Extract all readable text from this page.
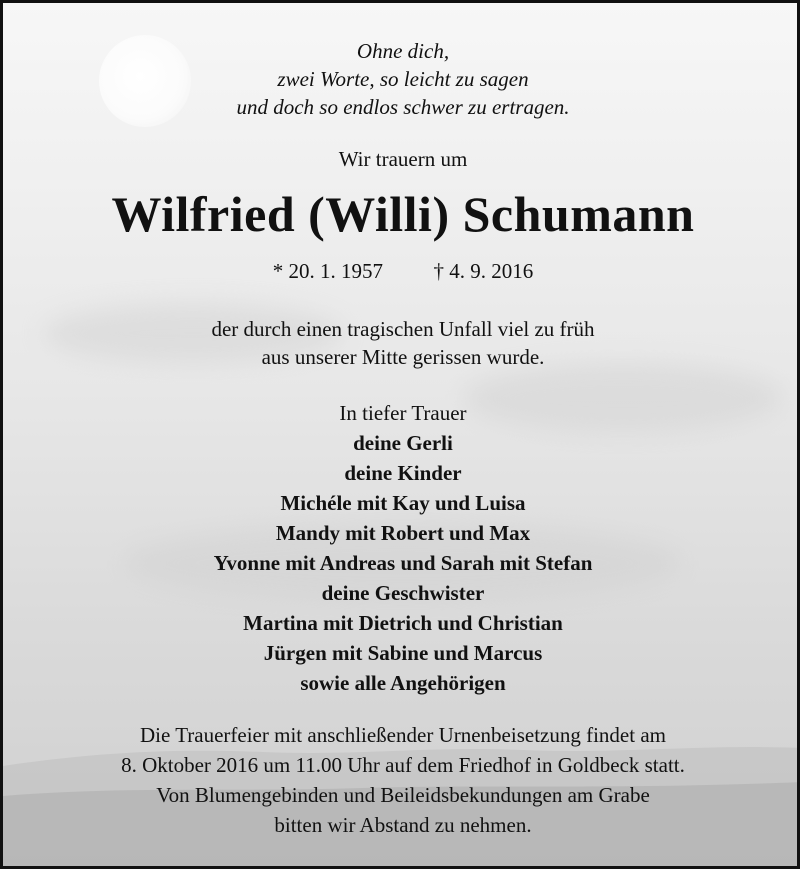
Ohne dich,
zwei Worte, so leicht zu sagen
und doch so endlos schwer zu ertragen.
Wir trauern um
Wilfried (Willi) Schumann
* 20. 1. 1957 † 4. 9. 2016
der durch einen tragischen Unfall viel zu früh
aus unserer Mitte gerissen wurde.
In tiefer Trauer
deine Gerli
deine Kinder
Michéle mit Kay und Luisa
Mandy mit Robert und Max
Yvonne mit Andreas und Sarah mit Stefan
deine Geschwister
Martina mit Dietrich und Christian
Jürgen mit Sabine und Marcus
sowie alle Angehörigen
Die Trauerfeier mit anschließender Urnenbeisetzung findet am
8. Oktober 2016 um 11.00 Uhr auf dem Friedhof in Goldbeck statt.
Von Blumengebinden und Beileidsbekundungen am Grabe
bitten wir Abstand zu nehmen.
